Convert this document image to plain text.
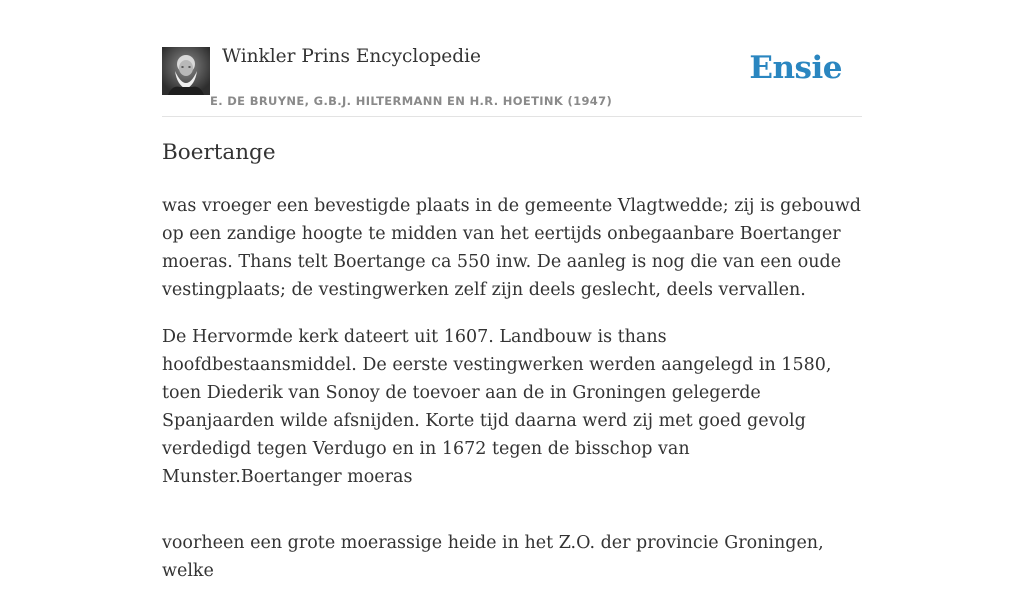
Winkler Prins Encyclopedie
E. DE BRUYNE, G.B.J. HILTERMANN EN H.R. HOETINK (1947)
Ensie
Boertange

was vroeger een bevestigde plaats in de gemeente Vlagtwedde; zij is gebouwd op een zandige hoogte te midden van het eertijds onbegaanbare Boertanger moeras. Thans telt Boertange ca 550 inw. De aanleg is nog die van een oude vestingplaats; de vestingwerken zelf zijn deels geslecht, deels vervallen.

De Hervormde kerk dateert uit 1607. Landbouw is thans hoofdbestaansmiddel. De eerste vestingwerken werden aangelegd in 1580, toen Diederik van Sonoy de toevoer aan de in Groningen gelegerde Spanjaarden wilde afsnijden. Korte tijd daarna werd zij met goed gevolg verdedigd tegen Verdugo en in 1672 tegen de bisschop van Munster.Boertanger moeras

voorheen een grote moerassige heide in het Z.O. der provincie Groningen, welke
